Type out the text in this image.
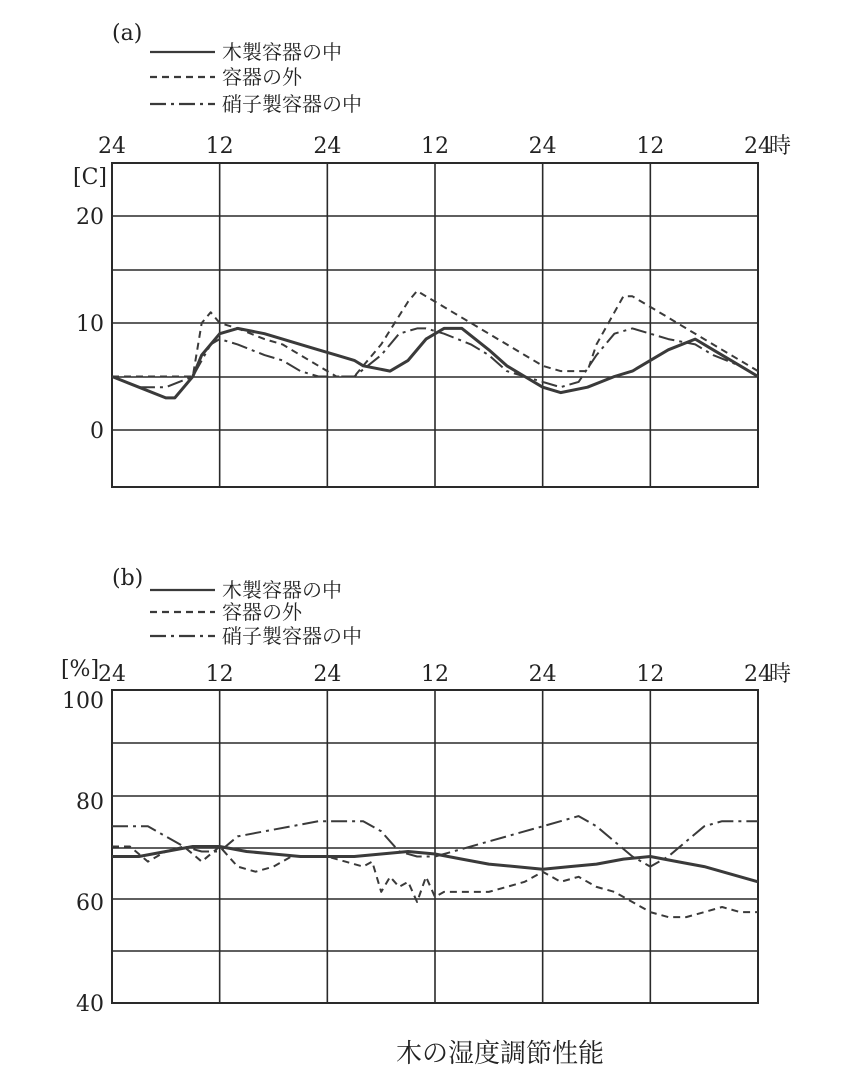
(a)
木製容器の中
容器の外
硝子製容器の中
24	12	24	12	24	12	24
時
[C]
20
10
0
(b)	木製容器の中
容器の外
硝子製容器の中
24	12	24	12	24	12	24
時
[%]
100
80
60
40
木の湿度調節性能
